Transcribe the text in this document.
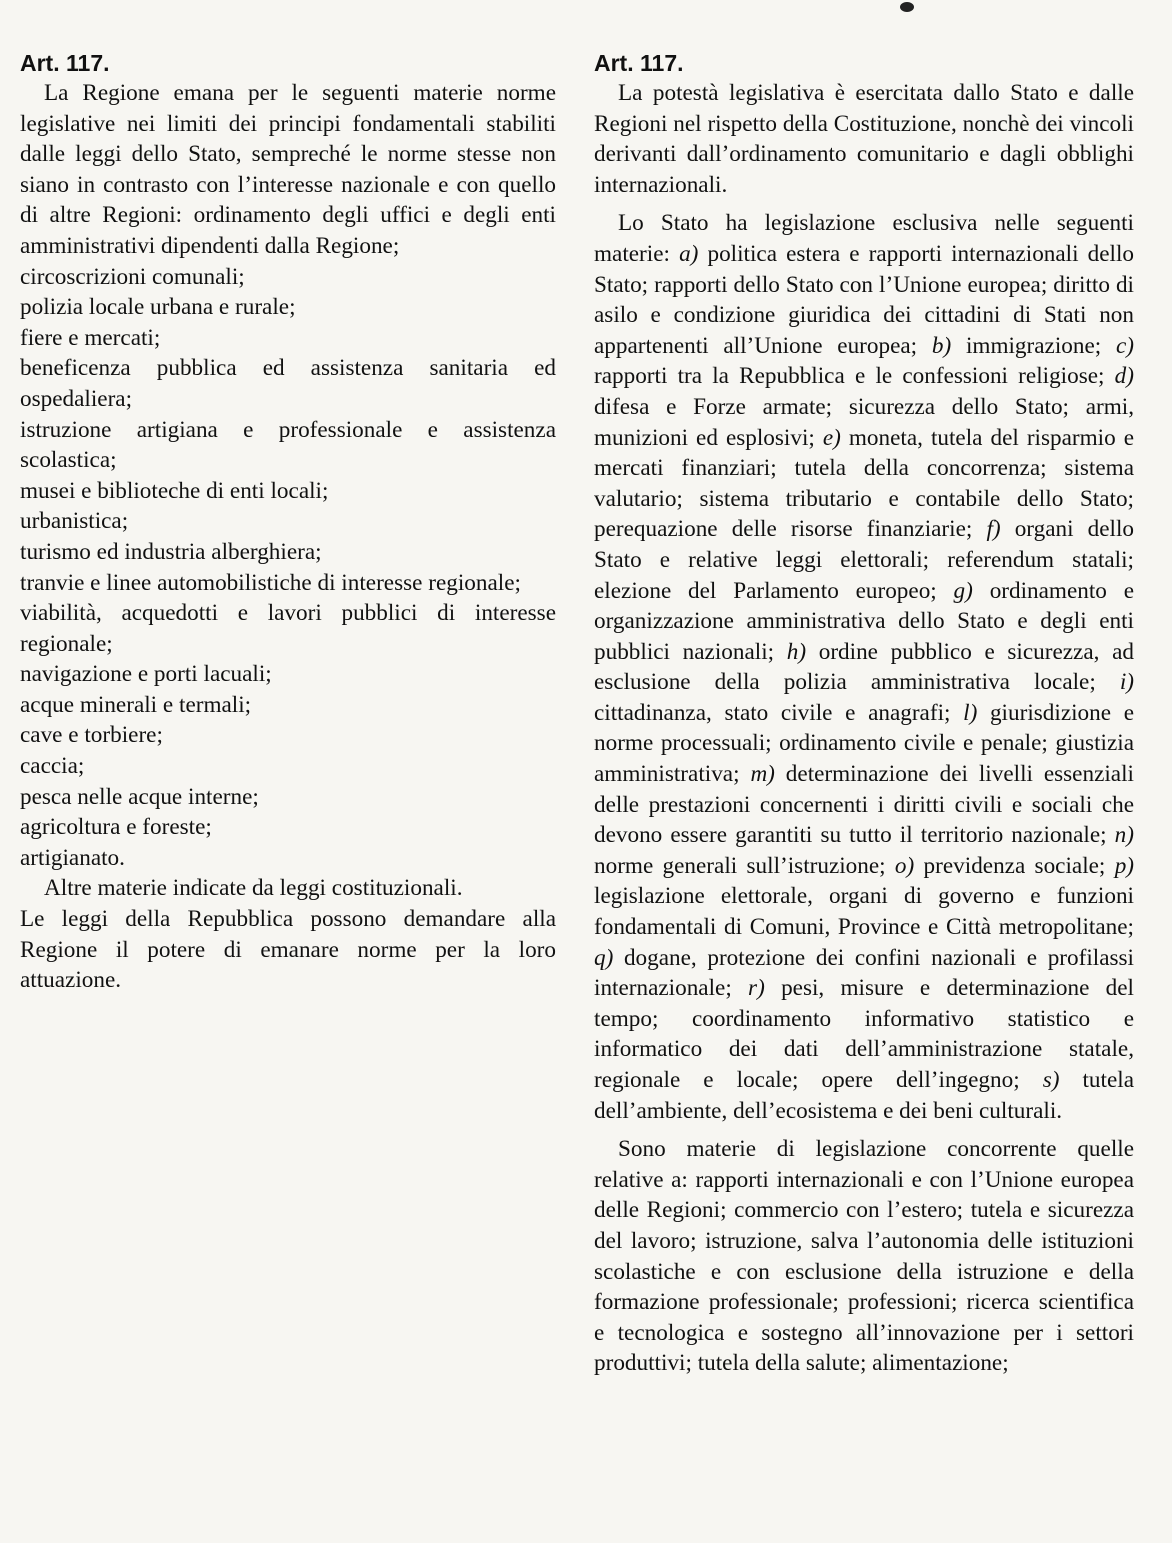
Art. 117.

La Regione emana per le seguenti materie norme legislative nei limiti dei principi fondamentali stabiliti dalle leggi dello Stato, sempreché le norme stesse non siano in contrasto con l’interesse nazionale e con quello di altre Regioni: ordinamento degli uffici e degli enti amministrativi dipendenti dalla Regione;

circoscrizioni comunali;

polizia locale urbana e rurale;

fiere e mercati;

beneficenza pubblica ed assistenza sanitaria ed ospedaliera;

istruzione artigiana e professionale e assistenza scolastica;

musei e biblioteche di enti locali;

urbanistica;

turismo ed industria alberghiera;

tranvie e linee automobilistiche di interesse regionale;

viabilità, acquedotti e lavori pubblici di interesse regionale;

navigazione e porti lacuali;

acque minerali e termali;

cave e torbiere;

caccia;

pesca nelle acque interne;

agricoltura e foreste;

artigianato.

Altre materie indicate da leggi costituzionali.

Le leggi della Repubblica possono demandare alla Regione il potere di emanare norme per la loro attuazione.

Art. 117.

La potestà legislativa è esercitata dallo Stato e dalle Regioni nel rispetto della Costituzione, nonchè dei vincoli derivanti dall’ordinamento comunitario e dagli obblighi internazionali.

Lo Stato ha legislazione esclusiva nelle seguenti materie: a) politica estera e rapporti internazionali dello Stato; rapporti dello Stato con l’Unione europea; diritto di asilo e condizione giuridica dei cittadini di Stati non appartenenti all’Unione europea; b) immigrazione; c) rapporti tra la Repubblica e le confessioni religiose; d) difesa e Forze armate; sicurezza dello Stato; armi, munizioni ed esplosivi; e) moneta, tutela del risparmio e mercati finanziari; tutela della concorrenza; sistema valutario; sistema tributario e contabile dello Stato; perequazione delle risorse finanziarie; f) organi dello Stato e relative leggi elettorali; referendum statali; elezione del Parlamento europeo; g) ordinamento e organizzazione amministrativa dello Stato e degli enti pubblici nazionali; h) ordine pubblico e sicurezza, ad esclusione della polizia amministrativa locale; i) cittadinanza, stato civile e anagrafi; l) giurisdizione e norme processuali; ordinamento civile e penale; giustizia amministrativa; m) determinazione dei livelli essenziali delle prestazioni concernenti i diritti civili e sociali che devono essere garantiti su tutto il territorio nazionale; n) norme generali sull’istruzione; o) previdenza sociale; p) legislazione elettorale, organi di governo e funzioni fondamentali di Comuni, Province e Città metropolitane; q) dogane, protezione dei confini nazionali e profilassi internazionale; r) pesi, misure e determinazione del tempo; coordinamento informativo statistico e informatico dei dati dell’amministrazione statale, regionale e locale; opere dell’ingegno; s) tutela dell’ambiente, dell’ecosistema e dei beni culturali.

Sono materie di legislazione concorrente quelle relative a: rapporti internazionali e con l’Unione europea delle Regioni; commercio con l’estero; tutela e sicurezza del lavoro; istruzione, salva l’autonomia delle istituzioni scolastiche e con esclusione della istruzione e della formazione professionale; professioni; ricerca scientifica e tecnologica e sostegno all’innovazione per i settori produttivi; tutela della salute; alimentazione;
